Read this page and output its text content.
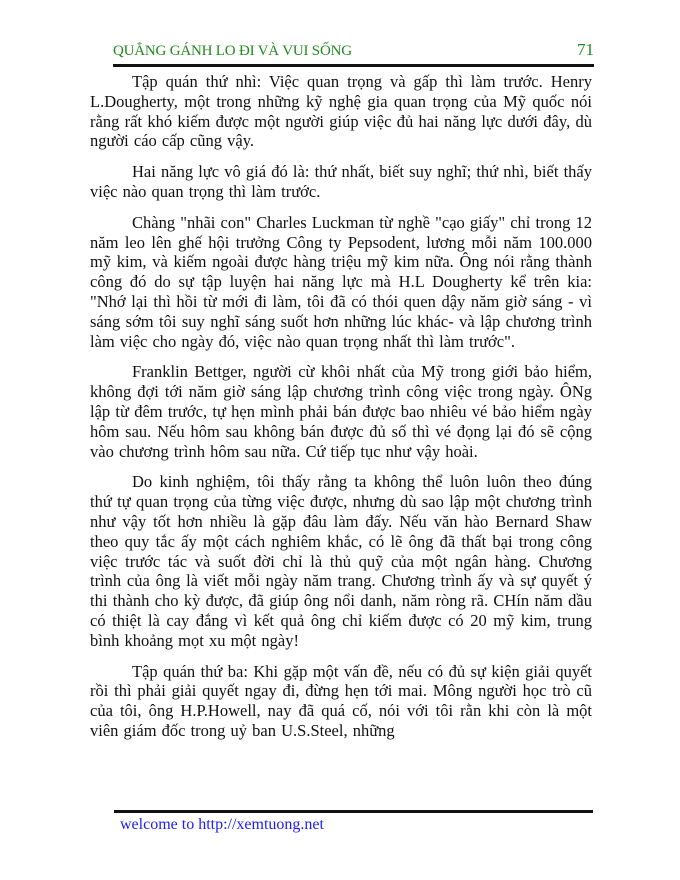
QUẲNG GÁNH LO ĐI VÀ VUI SỐNG	71

Tập quán thứ nhì: Việc quan trọng và gấp thì làm trước. Henry L.Dougherty, một trong những kỹ nghệ gia quan trọng của Mỹ quốc nói rằng rất khó kiếm được một người giúp việc đủ hai năng lực dưới đây, dù người cáo cấp cũng vậy.

Hai năng lực vô giá đó là: thứ nhất, biết suy nghĩ; thứ nhì, biết thấy việc nào quan trọng thì làm trước.

Chàng "nhãi con" Charles Luckman từ nghề "cạo giấy" chỉ trong 12 năm leo lên ghế hội trưởng Công ty Pepsodent, lương mỗi năm 100.000 mỹ kim, và kiếm ngoài được hàng triệu mỹ kim nữa. Ông nói rằng thành công đó do sự tập luyện hai năng lực mà H.L Dougherty kể trên kia: "Nhớ lại thì hồi từ mới đi làm, tôi đã có thói quen dậy năm giờ sáng - vì sáng sớm tôi suy nghĩ sáng suốt hơn những lúc khác- và lập chương trình làm việc cho ngày đó, việc nào quan trọng nhất thì làm trước".

Franklin Bettger, người cừ khôi nhất của Mỹ trong giới bảo hiểm, không đợi tới năm giờ sáng lập chương trình công việc trong ngày. ÔNg lập từ đêm trước, tự hẹn mình phải bán được bao nhiêu vé bảo hiểm ngày hôm sau. Nếu hôm sau không bán được đủ số thì vé đọng lại đó sẽ cộng vào chương trình hôm sau nữa. Cứ tiếp tục như vậy hoài.

Do kinh nghiệm, tôi thấy rằng ta không thể luôn luôn theo đúng thứ tự quan trọng của từng việc được, nhưng dù sao lập một chương trình như vậy tốt hơn nhiều là gặp đâu làm đấy. Nếu văn hào Bernard Shaw theo quy tắc ấy một cách nghiêm khắc, có lẽ ông đã thất bại trong công việc trước tác và suốt đời chỉ là thủ quỹ của một ngân hàng. Chương trình của ông là viết mỗi ngày năm trang. Chương trình ấy và sự quyết ý thi thành cho kỳ được, đã giúp ông nổi danh, năm ròng rã. CHín năm dầu có thiệt là cay đắng vì kết quả ông chỉ kiếm được có 20 mỹ kim, trung bình khoảng mọt xu một ngày!

Tập quán thứ ba: Khi gặp một vấn đề, nếu có đủ sự kiện giải quyết rồi thì phải giải quyết ngay đi, đừng hẹn tới mai. Mông người học trò cũ của tôi, ông H.P.Howell, nay đã quá cố, nói với tôi rằn khi còn là một viên giám đốc trong uỷ ban U.S.Steel, những

welcome to http://xemtuong.net
